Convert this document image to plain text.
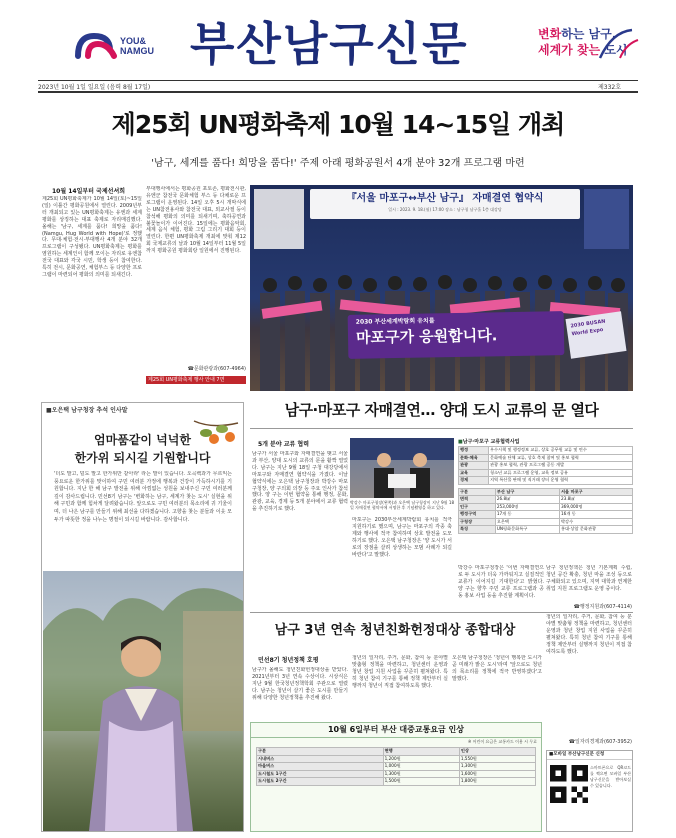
YOU&
NAMGU 부산남구신문	변화하는 남구,
세계가 찾는 도시
2023년 10월 1일 일요일 (음력 8월 17일)	제332호
제25회 UN평화축제 10월 14~15일 개최
'남구, 세계를 품다! 희망을 품다!' 주제 아래 평화공원서 4개 분야 32개 프로그램 마련
10월 14일부터 국제선셔희
제25회 UN평화축제가 10월 14일(토)~15일(일) 이틀간 평화공원에서 열린다. 2009년부터 개최되고 있는 UN평화축제는 유엔과 세계평화를 상징하는 대표 축제로 자리매김했다. 올해는 '남구, 세계를 품다! 희망을 품다!(Namgu, Hug World with Hope)'로 정했다. 무대·체험·전시·부대행사 4개 분야 32개 프로그램이 구성됐다. UN평화축제는 평화를 염원하는 세계인이 함께 모이는 자리로 유엔참전국 대표와 각국 시민, 학생 등이 참여한다. 특히 전시, 문화공연, 체험부스 등 다양한 프로그램이 마련되어 평화의 의미를 되새긴다.
부대행사에서는 평화공원 포토존, 평화전시관, 유엔군 참전국 문화체험 부스 등 다채로운 프로그램이 운영된다. 14일 오후 5시 개막식에는 UN참전용사와 참전국 대표, 외교사절 등이 참석해 평화의 의미를 되새기며, 축하공연과 불꽃놀이가 이어진다. 15일에는 평화음악회, 세계 음식 체험, 평화 그림 그리기 대회 등이 열린다. 한편 UN평화축제 개최에 맞춰 제12회 국제교류의 날과 10월 14일부터 11월 5일까지 평화공원 평화회랑 일원에서 진행된다.
☎문화관광과(607-4964)
제25회 UN평화축제 행사 안내 7면
『서울 마포구↔부산 남구』 자매결연 협약식
일시 : 2023. 9. 18.(월) 17:00 장소 : 남구청 남구홀 1층 대강당
2030 부산세계박람회 유치를
마포구가 응원합니다.
2030 BUSAN World Expo
■오은택 남구청장 추석 인사말
엄마품같이 넉넉한
한가위 되시길 기원합니다
'더도 말고, 덜도 말고 한가위만 같아라' 라는 말이 있습니다. 오곡백과가 무르익는 풍요로운 한가위를 맞이하여 구민 여러분 가정에 행복과 건강이 가득하시기를 기원합니다. 지난 한 해 남구 발전을 위해 아낌없는 성원을 보내주신 구민 여러분께 깊이 감사드립니다. 민선8기 남구는 '변화하는 남구, 세계가 찾는 도시' 실현을 위해 구민과 함께 힘차게 달려왔습니다. 앞으로도 구민 여러분의 목소리에 귀 기울이며, 더 나은 남구를 만들기 위해 최선을 다하겠습니다. 고향을 찾는 분들과 이웃 모두가 따뜻한 정을 나누는 명절이 되시길 바랍니다. 감사합니다.
남구·마포구 자매결연… 양대 도시 교류의 문 열다
5개 분야 교류 협력
남구가 서울 마포구와 자매결연을 맺고 서울과 부산, 양대 도시의 교류의 문을 활짝 열었다. 남구는 지난 9월 18일 구청 대강당에서 마포구와 자매결연 협약식을 가졌다. 이날 협약식에는 오은택 남구청장과 박강수 마포구청장, 양 구의회 의장 등 주요 인사가 참석했다. 양 구는 이번 협약을 통해 행정, 문화, 관광, 교육, 경제 등 5개 분야에서 교류 협력을 추진하기로 했다.
박강수 마포구청장(왼쪽)과 오은택 남구청장이 지난 9월 18일 자매결연 협약서에 서명한 후 기념촬영을 하고 있다.
마포구는 2030부산세계박람회 유치를 적극 지원하기로 했으며, 남구는 마포구의 각종 축제와 행사에 적극 참여하며 상호 발전을 도모하기로 했다. 오은택 남구청장은 '양 도시가 서로의 장점을 살려 상생하는 모범 사례가 되길 바란다'고 말했다.
박강수 마포구청장은 '이번 자매결연으로 두 도시가 더욱 가까워지고 실질적인 교류가 이어지길 기대한다'고 밝혔다. 양 구는 향후 주민 교류 프로그램과 공동 홍보 사업 등을 추진할 계획이다.
남구 청년정책은 청년 기본계획 수립, 청년 공간 확충, 청년 마을 조성 등으로 구체화되고 있으며, 지역 대학과 연계한 취업 지원 프로그램도 운영 중이다.
☎행정지원과(607-4114)
■남구·마포구 교류협력사업
행정	우수시책 및 행정정보 교류, 상호 공무원 교류 및 연수
문화·체육	문화예술 단체 교류, 상호 축제 참여 및 홍보 협력
관광	관광 홍보 협력, 관광 프로그램 공동 개발
교육	청소년 교류 프로그램 운영, 교육 정보 공유
경제	지역 특산물 판매 및 직거래 장터 운영 협력
구분	부산 남구	서울 마포구
면적	26.8㎢	23.8㎢
인구	253,000명	369,000명
행정구역	17개 동	16개 동
구청장	오은택	박강수
특징	UN평화문화특구	홍대·상암 문화관광
남구 3년 연속 청년친화헌정대상 종합대상
민선8기 청년정책 호평
남구가 올해도 청년친화헌정대상을 받았다. 2021년부터 3년 연속 수상이다. 시상식은 지난 9월 한국청년정책학회 주관으로 열렸다. 남구는 청년이 살기 좋은 도시를 만들기 위해 다양한 청년정책을 추진해 왔다.
청년의 일자리, 주거, 문화, 참여 등 분야별 맞춤형 정책을 마련하고, 청년센터 운영과 청년 창업 지원 사업을 꾸준히 펼쳐왔다. 특히 청년 참여 기구를 통해 정책 제안부터 실행까지 청년이 직접 참여하도록 했다.
오은택 남구청장은 '청년이 행복한 도시가 곧 미래가 밝은 도시'라며 '앞으로도 청년의 목소리를 정책에 적극 반영하겠다'고 말했다.
청년의 일자리, 주거, 문화, 참여 등 분야별 맞춤형 정책을 마련하고, 청년센터 운영과 청년 창업 지원 사업을 꾸준히 펼쳐왔다. 특히 청년 참여 기구를 통해 정책 제안부터 실행까지 청년이 직접 참여하도록 했다.
☎일자리경제과(607-3952)
10월 6일부터 부산 대중교통요금 인상
※ 어린이 요금은 교통카드 이용 시 무료
구분	현행	인상
시내버스	1,200원	1,550원
마을버스	1,000원	1,300원
도시철도 1구간	1,300원	1,600원
도시철도 2구간	1,500원	1,800원
■모바일 부산남구신문 신청
스마트폰으로 QR코드를 찍으면 모바일 부산남구신문을 받아보실 수 있습니다.
